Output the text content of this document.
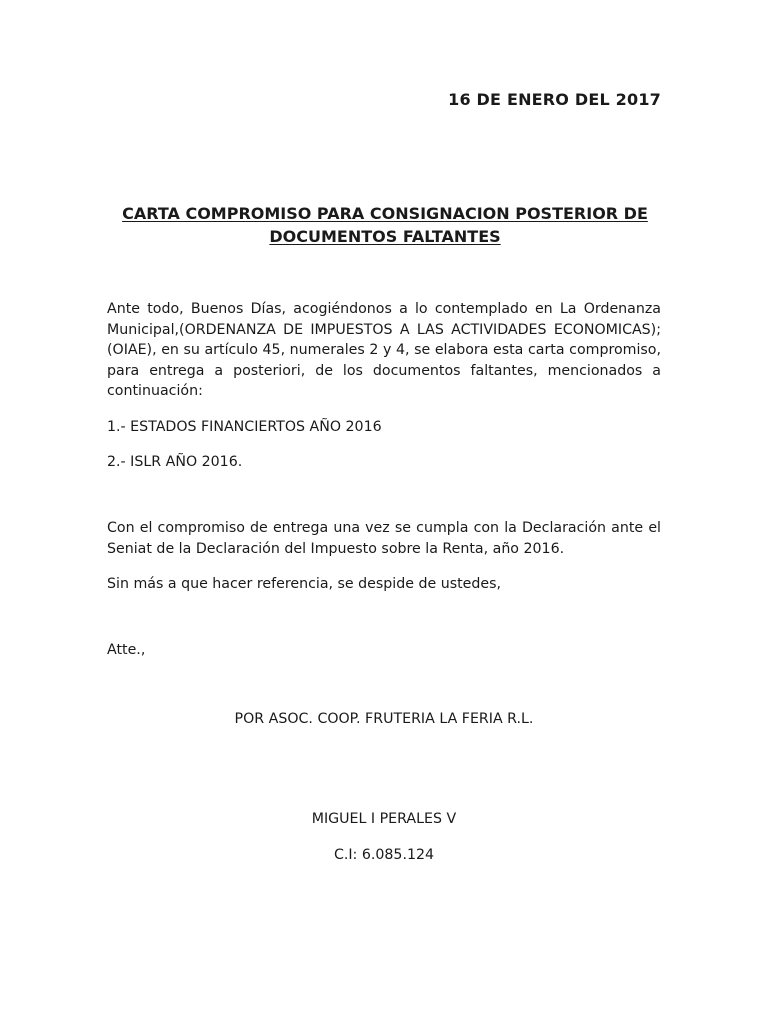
16 DE ENERO DEL 2017
CARTA COMPROMISO PARA CONSIGNACION POSTERIOR DE DOCUMENTOS FALTANTES
Ante todo, Buenos Días, acogiéndonos a lo contemplado en La Ordenanza Municipal,(ORDENANZA DE IMPUESTOS A LAS ACTIVIDADES ECONOMICAS); (OIAE), en su artículo 45, numerales 2 y 4, se elabora esta carta compromiso, para entrega a posteriori, de los documentos faltantes, mencionados a continuación:
1.- ESTADOS FINANCIERTOS AÑO 2016
2.- ISLR AÑO 2016.
Con el compromiso de entrega una vez se cumpla con la Declaración ante el Seniat de la Declaración del Impuesto sobre la Renta, año 2016.
Sin más a que hacer referencia, se despide de ustedes,
Atte.,
POR ASOC. COOP. FRUTERIA LA FERIA R.L.
MIGUEL I PERALES V
C.I: 6.085.124
